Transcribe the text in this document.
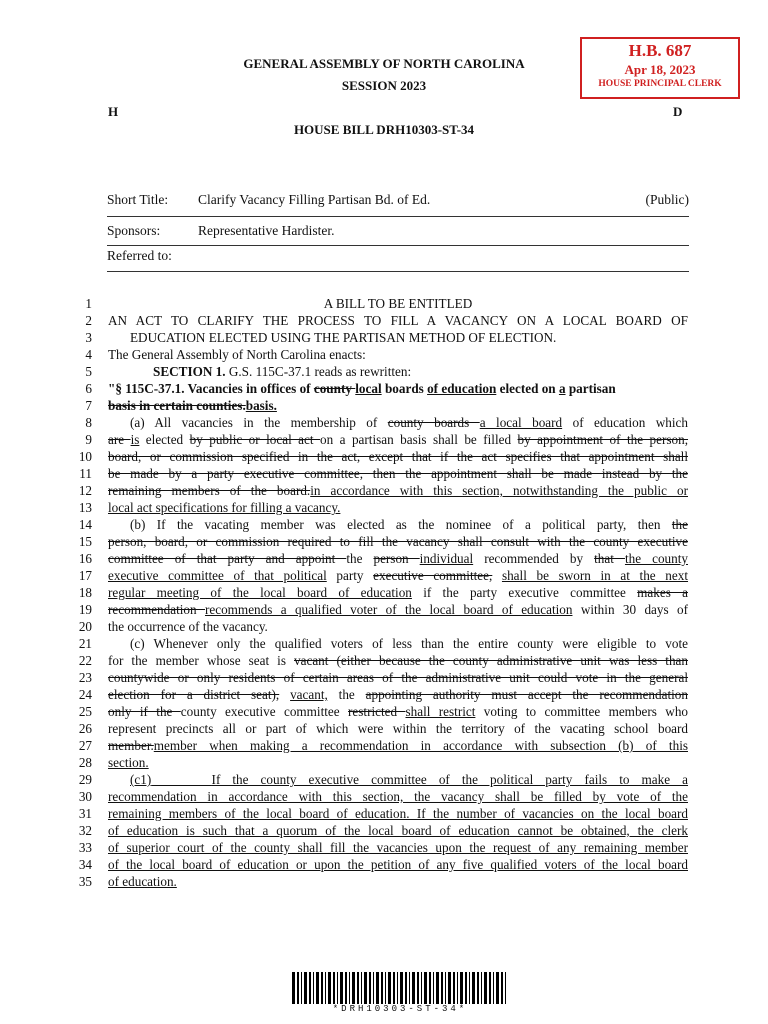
H.B. 687
Apr 18, 2023
HOUSE PRINCIPAL CLERK
GENERAL ASSEMBLY OF NORTH CAROLINA
SESSION 2023
H	D
HOUSE BILL DRH10303-ST-34
Short Title:	Clarify Vacancy Filling Partisan Bd. of Ed.	(Public)
Sponsors:	Representative Hardister.
Referred to:
1
2
3
4
5
6
7
8
9
10
11
12
13
14
15
16
17
18
19
20
21
22
23
24
25
26
27
28
29
30
31
32
33
34
35
A BILL TO BE ENTITLED
AN ACT TO CLARIFY THE PROCESS TO FILL A VACANCY ON A LOCAL BOARD OF
EDUCATION ELECTED USING THE PARTISAN METHOD OF ELECTION.
The General Assembly of North Carolina enacts:
SECTION 1. G.S. 115C-37.1 reads as rewritten:
"§ 115C-37.1. Vacancies in offices of county local boards of education elected on a partisan
basis in certain counties.basis.
(a) All vacancies in the membership of county boards a local board of education which
are is elected by public or local act on a partisan basis shall be filled by appointment of the person,
board, or commission specified in the act, except that if the act specifies that appointment shall
be made by a party executive committee, then the appointment shall be made instead by the
remaining members of the board.in accordance with this section, notwithstanding the public or
local act specifications for filling a vacancy.
(b) If the vacating member was elected as the nominee of a political party, then the
person, board, or commission required to fill the vacancy shall consult with the county executive
committee of that party and appoint the person individual recommended by that the county
executive committee of that political party executive committee, shall be sworn in at the next
regular meeting of the local board of education if the party executive committee makes a
recommendation recommends a qualified voter of the local board of education within 30 days of
the occurrence of the vacancy.
(c) Whenever only the qualified voters of less than the entire county were eligible to vote
for the member whose seat is vacant (either because the county administrative unit was less than
countywide or only residents of certain areas of the administrative unit could vote in the general
election for a district seat), vacant, the appointing authority must accept the recommendation
only if the county executive committee restricted shall restrict voting to committee members who
represent precincts all or part of which were within the territory of the vacating school board
member.member when making a recommendation in accordance with subsection (b) of this
section.
(c1)	If the county executive committee of the political party fails to make a
recommendation in accordance with this section, the vacancy shall be filled by vote of the
remaining members of the local board of education. If the number of vacancies on the local board
of education is such that a quorum of the local board of education cannot be obtained, the clerk
of superior court of the county shall fill the vacancies upon the request of any remaining member
of the local board of education or upon the petition of any five qualified voters of the local board
of education.
*DRH10303-ST-34*
